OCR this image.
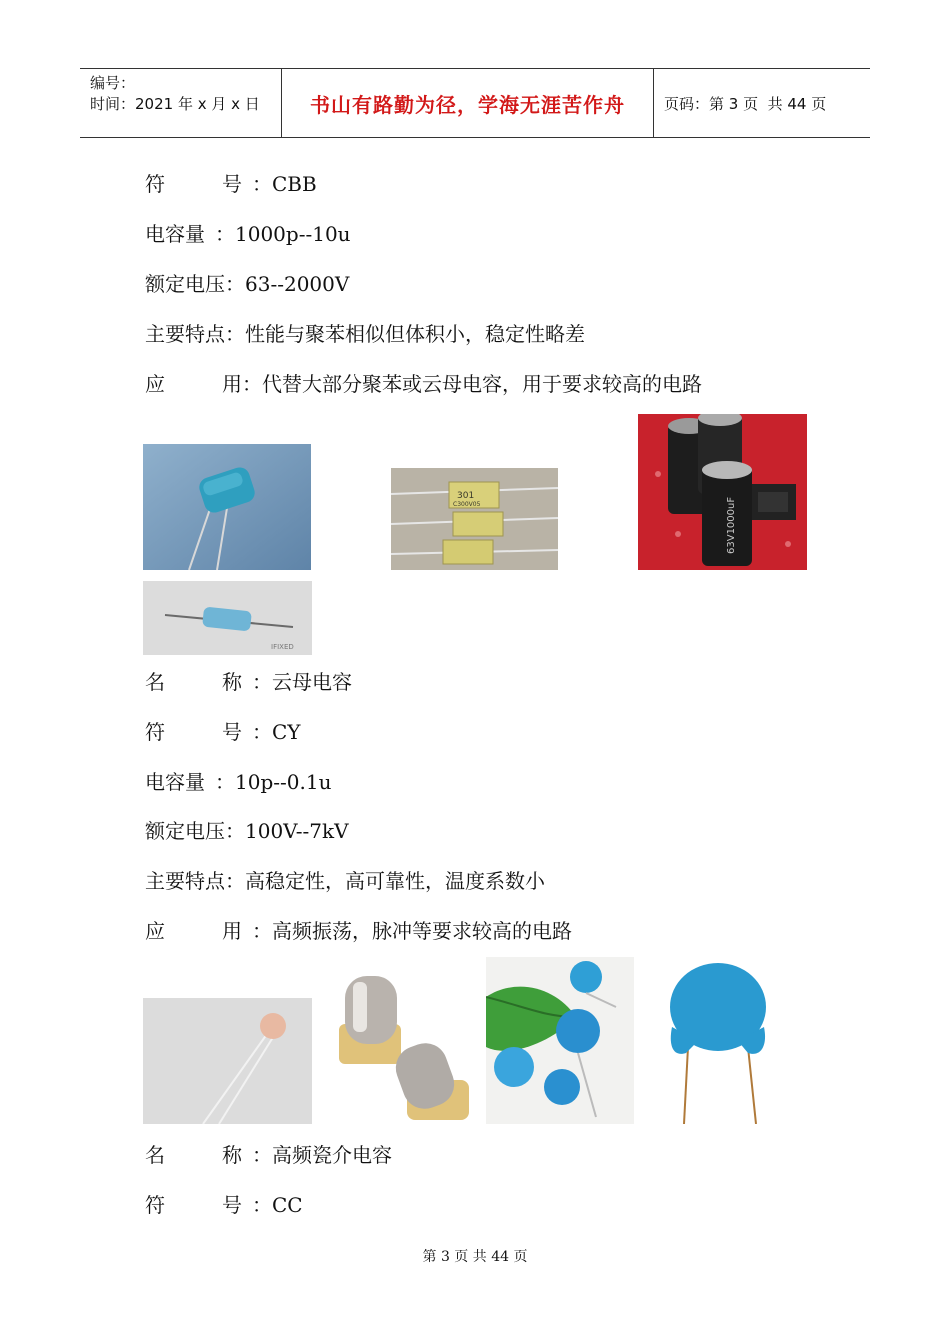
编号：
时间：2021 年 x 月 x 日	书山有路勤为径，学海无涯苦作舟	页码：第 3 页  共 44 页
符	号 ：CBB
电容量 ：1000p--10u
额定电压：63--2000V
主要特点：性能与聚苯相似但体积小，稳定性略差
应	用：代替大部分聚苯或云母电容，用于要求较高的电路
301
C300V05	63V1000uF
IFIXED
名	称 ：云母电容
符	号 ：CY
电容量 ：10p--0.1u
额定电压：100V--7kV
主要特点：高稳定性，高可靠性，温度系数小
应	用 ：高频振荡，脉冲等要求较高的电路
名	称 ：高频瓷介电容
符	号 ：CC
第 3 页 共 44 页
